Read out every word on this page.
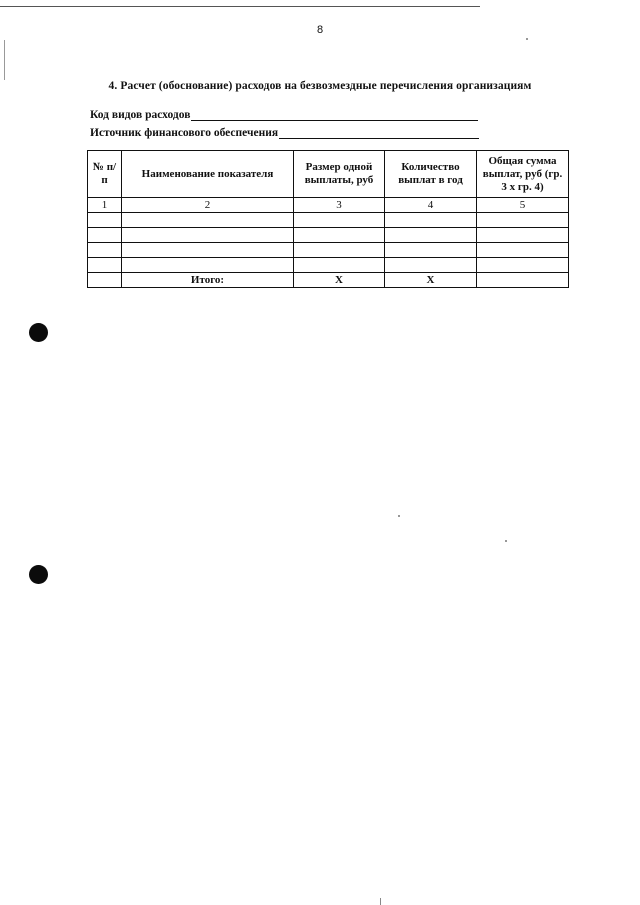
8
4. Расчет (обоснование) расходов на безвозмездные перечисления организациям
Код видов расходов
Источник финансового обеспечения
№ п/п	Наименование показателя	Размер одной выплаты, руб	Количество выплат в год	Общая сумма выплат, руб (гр. 3 х гр. 4)
1	2	3	4	5

	Итого:	Х	Х	
